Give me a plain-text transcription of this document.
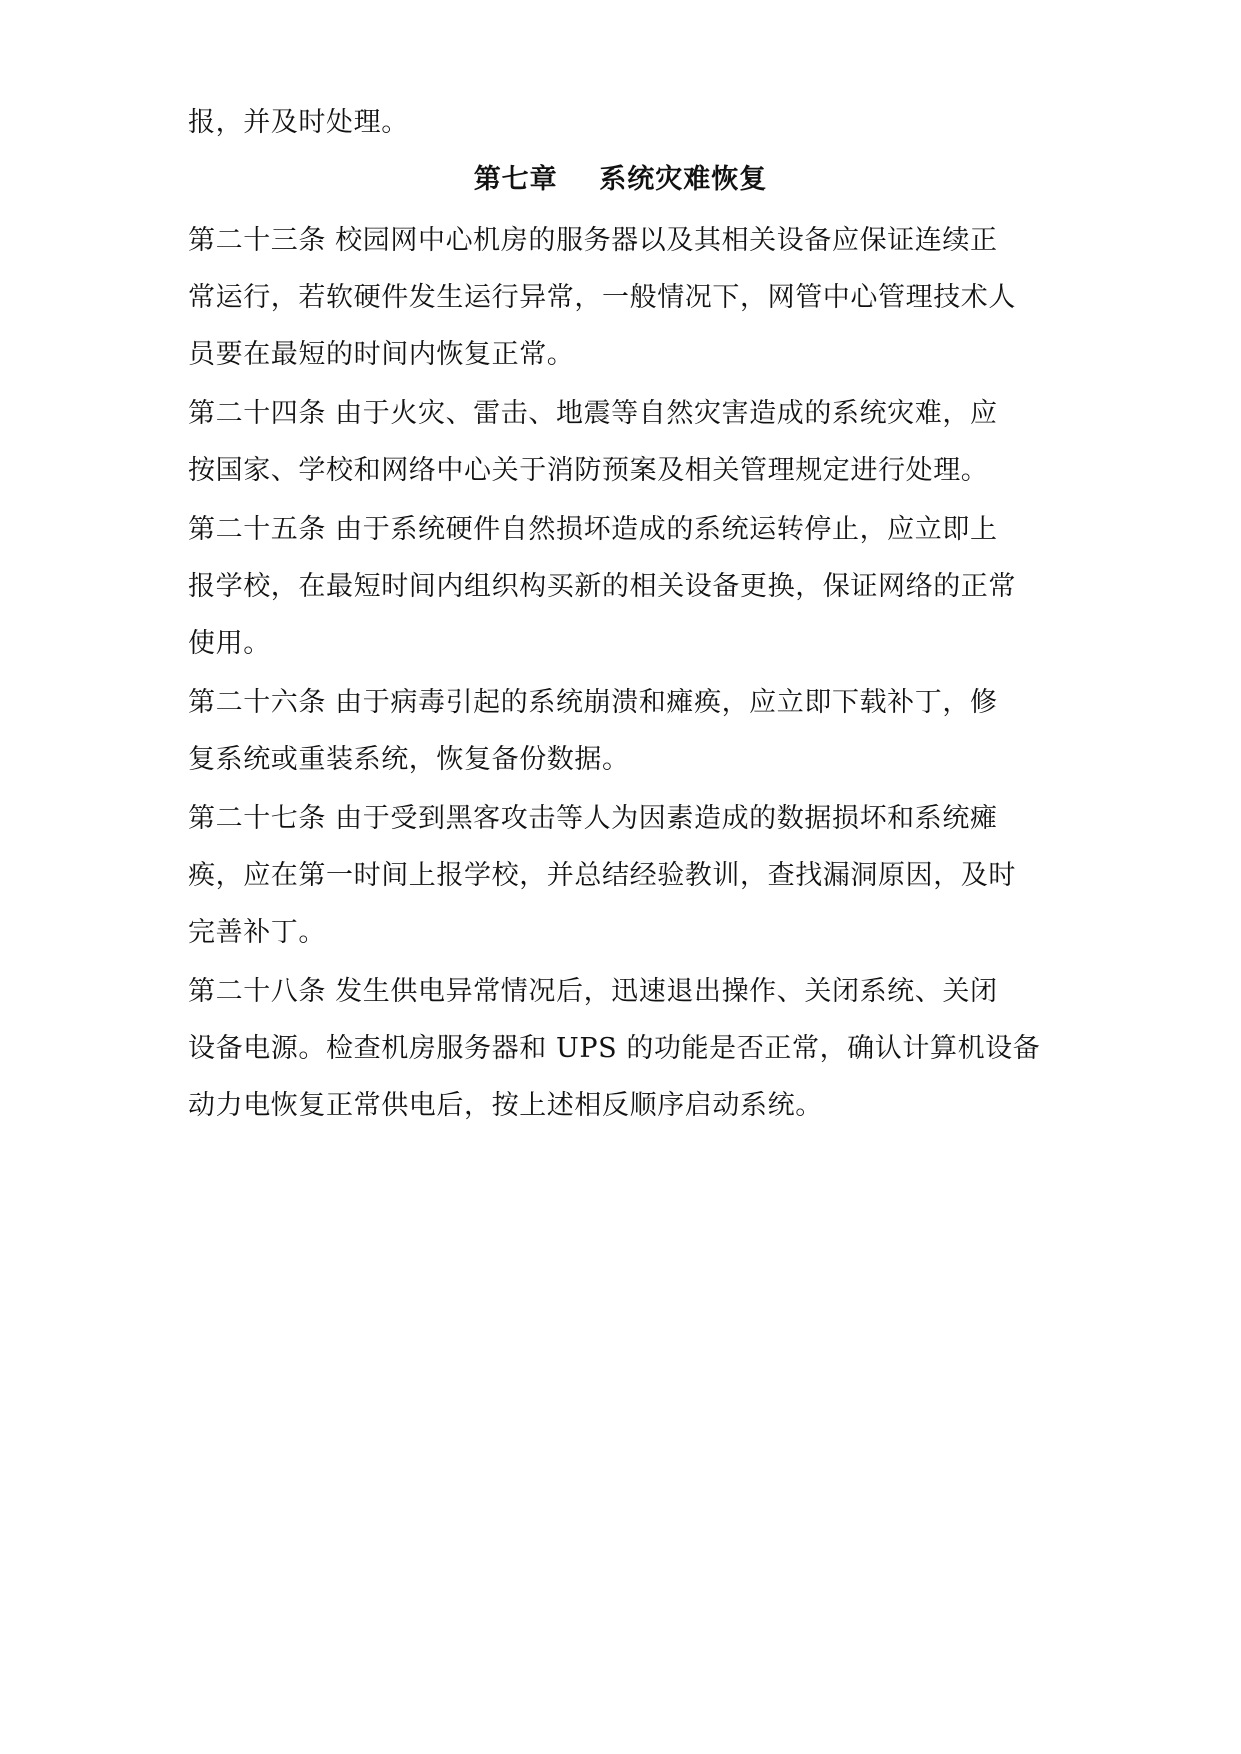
报，并及时处理。
第七章    系统灾难恢复
第二十三条 校园网中心机房的服务器以及其相关设备应保证连续正
常运行，若软硬件发生运行异常，一般情况下，网管中心管理技术人
员要在最短的时间内恢复正常。
第二十四条 由于火灾、雷击、地震等自然灾害造成的系统灾难，应
按国家、学校和网络中心关于消防预案及相关管理规定进行处理。
第二十五条 由于系统硬件自然损坏造成的系统运转停止，应立即上
报学校，在最短时间内组织构买新的相关设备更换，保证网络的正常
使用。
第二十六条 由于病毒引起的系统崩溃和瘫痪，应立即下载补丁，修
复系统或重装系统，恢复备份数据。
第二十七条 由于受到黑客攻击等人为因素造成的数据损坏和系统瘫
痪，应在第一时间上报学校，并总结经验教训，查找漏洞原因，及时
完善补丁。
第二十八条 发生供电异常情况后，迅速退出操作、关闭系统、关闭
设备电源。检查机房服务器和 UPS 的功能是否正常，确认计算机设备
动力电恢复正常供电后，按上述相反顺序启动系统。
